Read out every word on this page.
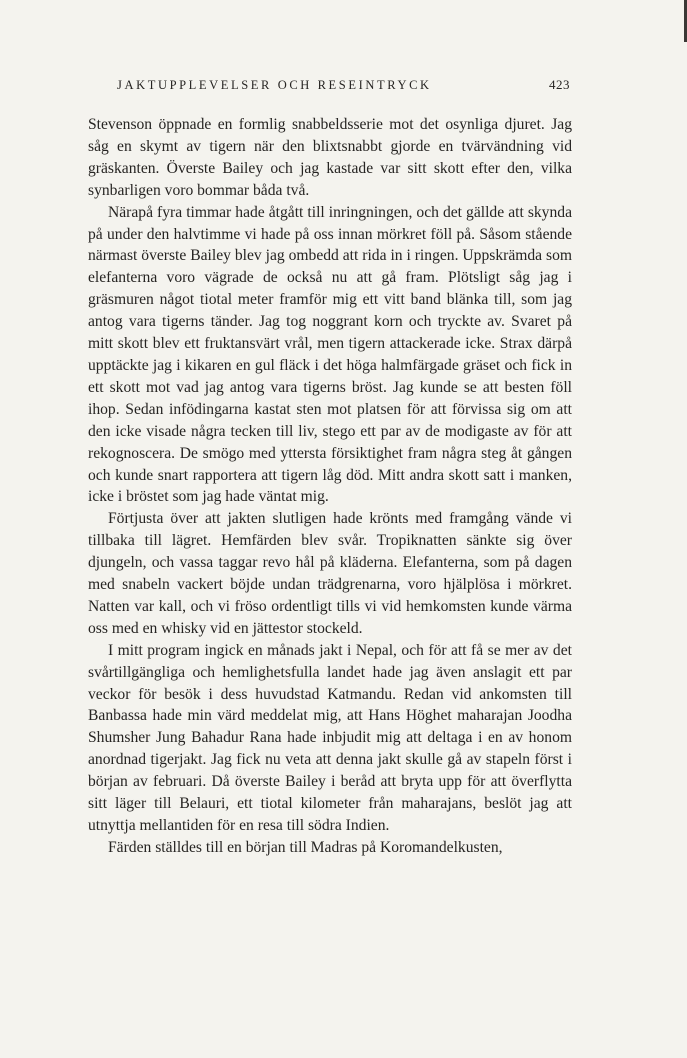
JAKTUPPLEVELSER OCH RESEINTRYCK	423

Stevenson öppnade en formlig snabbeldsserie mot det osynliga djuret. Jag såg en skymt av tigern när den blixtsnabbt gjorde en tvärvändning vid gräskanten. Överste Bailey och jag kastade var sitt skott efter den, vilka synbarligen voro bommar båda två.

Närapå fyra timmar hade åtgått till inringningen, och det gällde att skynda på under den halvtimme vi hade på oss innan mörkret föll på. Såsom stående närmast överste Bailey blev jag ombedd att rida in i ringen. Uppskrämda som elefanterna voro vägrade de också nu att gå fram. Plötsligt såg jag i gräsmuren något tiotal meter framför mig ett vitt band blänka till, som jag antog vara tigerns tänder. Jag tog noggrant korn och tryckte av. Svaret på mitt skott blev ett fruktansvärt vrål, men tigern attackerade icke. Strax därpå upptäckte jag i kikaren en gul fläck i det höga halmfärgade gräset och fick in ett skott mot vad jag antog vara tigerns bröst. Jag kunde se att besten föll ihop. Sedan infödingarna kastat sten mot platsen för att förvissa sig om att den icke visade några tecken till liv, stego ett par av de modigaste av för att rekognoscera. De smögo med yttersta försiktighet fram några steg åt gången och kunde snart rapportera att tigern låg död. Mitt andra skott satt i manken, icke i bröstet som jag hade väntat mig.

Förtjusta över att jakten slutligen hade krönts med framgång vände vi tillbaka till lägret. Hemfärden blev svår. Tropiknatten sänkte sig över djungeln, och vassa taggar revo hål på kläderna. Elefanterna, som på dagen med snabeln vackert böjde undan trädgrenarna, voro hjälplösa i mörkret. Natten var kall, och vi fröso ordentligt tills vi vid hemkomsten kunde värma oss med en whisky vid en jättestor stockeld.

I mitt program ingick en månads jakt i Nepal, och för att få se mer av det svårtillgängliga och hemlighetsfulla landet hade jag även anslagit ett par veckor för besök i dess huvudstad Katmandu. Redan vid ankomsten till Banbassa hade min värd meddelat mig, att Hans Höghet maharajan Joodha Shumsher Jung Bahadur Rana hade inbjudit mig att deltaga i en av honom anordnad tigerjakt. Jag fick nu veta att denna jakt skulle gå av stapeln först i början av februari. Då överste Bailey i beråd att bryta upp för att överflytta sitt läger till Belauri, ett tiotal kilometer från maharajans, beslöt jag att utnyttja mellantiden för en resa till södra Indien.

Färden ställdes till en början till Madras på Koromandelkusten,
